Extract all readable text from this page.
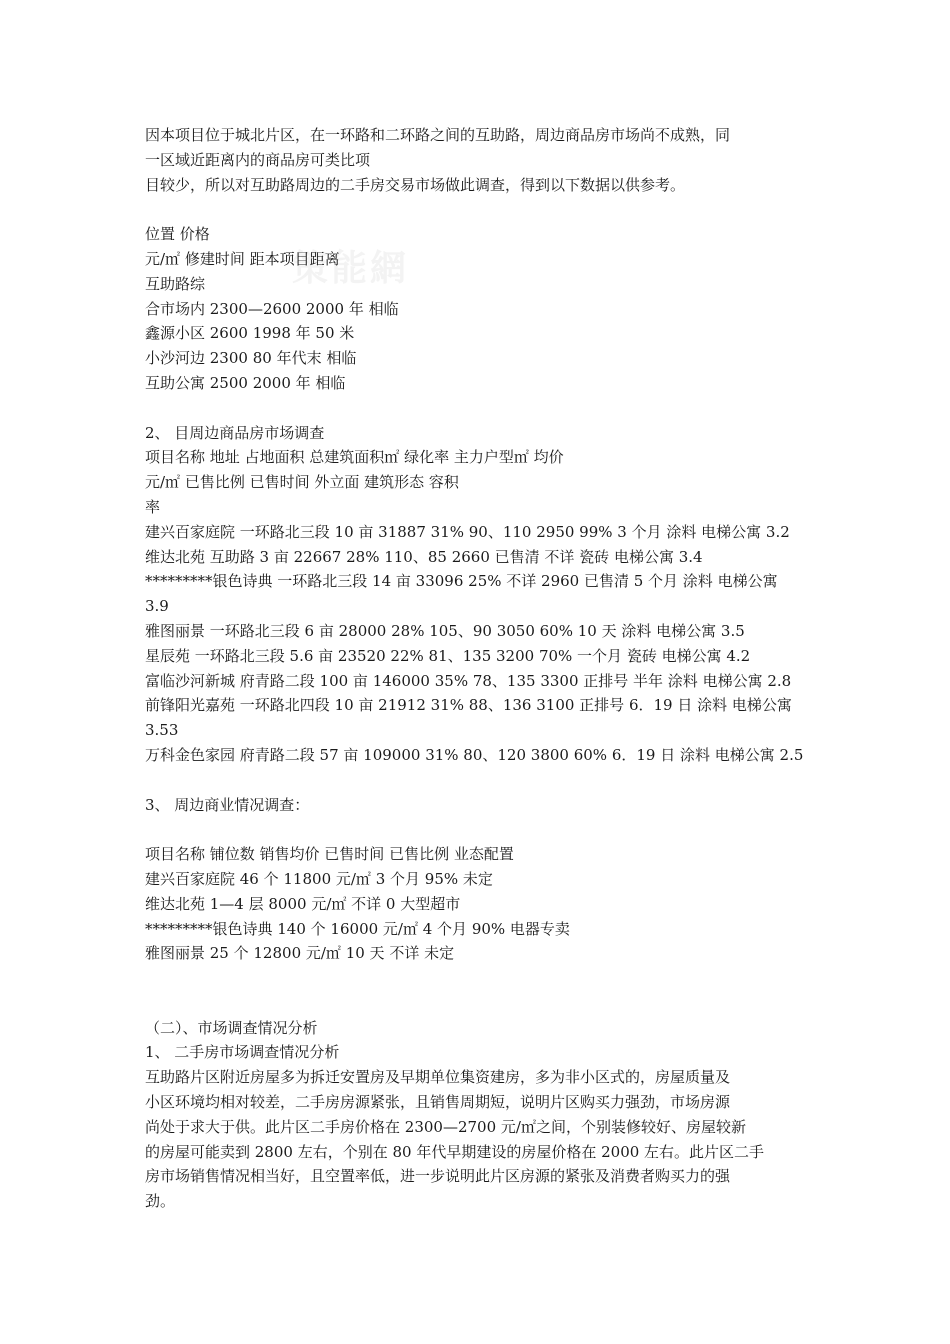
策能網
因本项目位于城北片区，在一环路和二环路之间的互助路，周边商品房市场尚不成熟，同
一区域近距离内的商品房可类比项
目较少，所以对互助路周边的二手房交易市场做此调查，得到以下数据以供参考。
位置 价格
元/㎡ 修建时间 距本项目距离
互助路综
合市场内 2300—2600 2000 年 相临
鑫源小区 2600 1998 年 50 米
小沙河边 2300 80 年代末 相临
互助公寓 2500 2000 年 相临
2、 目周边商品房市场调查
项目名称 地址 占地面积 总建筑面积㎡ 绿化率 主力户型㎡ 均价
元/㎡ 已售比例 已售时间 外立面 建筑形态 容积
率
建兴百家庭院 一环路北三段 10 亩 31887 31% 90、110 2950 99% 3 个月 涂料 电梯公寓 3.2
维达北苑 互助路 3 亩 22667 28% 110、85 2660 已售清 不详 瓷砖 电梯公寓 3.4
*********银色诗典 一环路北三段 14 亩 33096 25% 不详 2960 已售清 5 个月 涂料 电梯公寓
3.9
雅图丽景 一环路北三段 6 亩 28000 28% 105、90 3050 60% 10 天 涂料 电梯公寓 3.5
星辰苑 一环路北三段 5.6 亩 23520 22% 81、135 3200 70% 一个月 瓷砖 电梯公寓 4.2
富临沙河新城 府青路二段 100 亩 146000 35% 78、135 3300 正排号 半年 涂料 电梯公寓 2.8
前锋阳光嘉苑 一环路北四段 10 亩 21912 31% 88、136 3100 正排号 6．19 日 涂料 电梯公寓
3.53
万科金色家园 府青路二段 57 亩 109000 31% 80、120 3800 60% 6．19 日 涂料 电梯公寓 2.5
3、 周边商业情况调查：
项目名称 铺位数 销售均价 已售时间 已售比例 业态配置
建兴百家庭院 46 个 11800 元/㎡ 3 个月 95% 未定
维达北苑 1—4 层 8000 元/㎡ 不详 0 大型超市
*********银色诗典 140 个 16000 元/㎡ 4 个月 90% 电器专卖
雅图丽景 25 个 12800 元/㎡ 10 天 不详 未定
（二）、市场调查情况分析
1、 二手房市场调查情况分析
互助路片区附近房屋多为拆迁安置房及早期单位集资建房，多为非小区式的，房屋质量及
小区环境均相对较差，二手房房源紧张，且销售周期短，说明片区购买力强劲，市场房源
尚处于求大于供。此片区二手房价格在 2300—2700 元/㎡之间，个别装修较好、房屋较新
的房屋可能卖到 2800 左右，个别在 80 年代早期建设的房屋价格在 2000 左右。此片区二手
房市场销售情况相当好，且空置率低，进一步说明此片区房源的紧张及消费者购买力的强
劲。
